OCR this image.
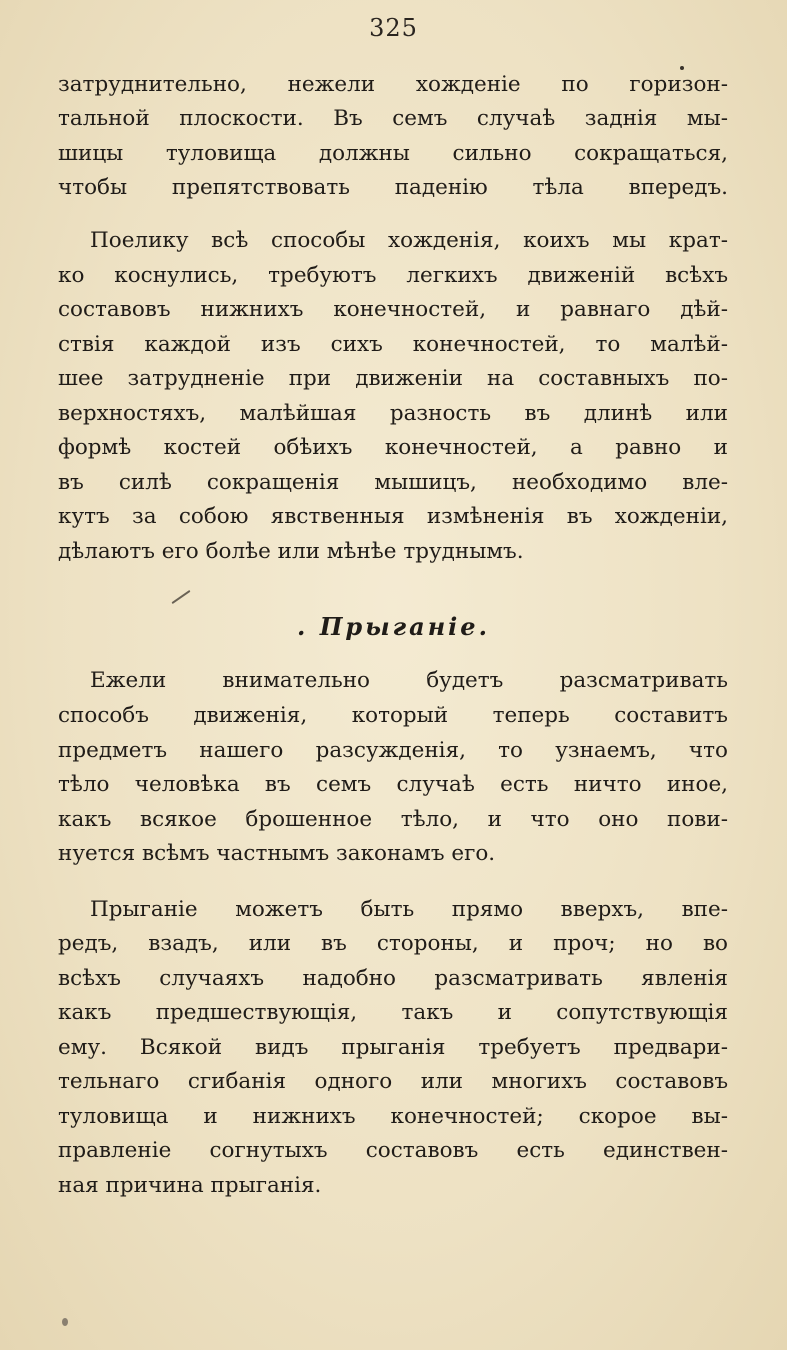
325
затруднительно, нежели хожденіе по горизон-
тальной плоскости. Въ семъ случаѣ заднія мы-
шицы туловища должны сильно сокращаться,
чтобы препятствовать паденію тѣла впередъ.
Поелику всѣ способы хожденія, коихъ мы крат-
ко коснулись, требуютъ легкихъ движеній всѣхъ
составовъ нижнихъ конечностей, и равнаго дѣй-
ствія каждой изъ сихъ конечностей, то малѣй-
шее затрудненіе при движеніи на составныхъ по-
верхностяхъ, малѣйшая разность въ длинѣ или
формѣ костей обѣихъ конечностей, а равно и
въ силѣ сокращенія мышицъ, необходимо вле-
кутъ за собою явственныя измѣненія въ хожденіи,
дѣлаютъ его болѣе или мѣнѣе труднымъ.
. Прыганіе.
Ежели внимательно будетъ разсматривать
способъ движенія, который теперь составитъ
предметъ нашего разсужденія, то узнаемъ, что
тѣло человѣка въ семъ случаѣ есть ничто иное,
какъ всякое брошенное тѣло, и что оно пови-
нуется всѣмъ частнымъ законамъ его.
Прыганіе можетъ быть прямо вверхъ, впе-
редъ, взадъ, или въ стороны, и проч; но во
всѣхъ случаяхъ надобно разсматривать явленія
какъ предшествующія, такъ и сопутствующія
ему. Всякой видъ прыганія требуетъ предвари-
тельнаго сгибанія одного или многихъ составовъ
туловища и нижнихъ конечностей; скорое вы-
правленіе согнутыхъ составовъ есть единствен-
ная причина прыганія.
